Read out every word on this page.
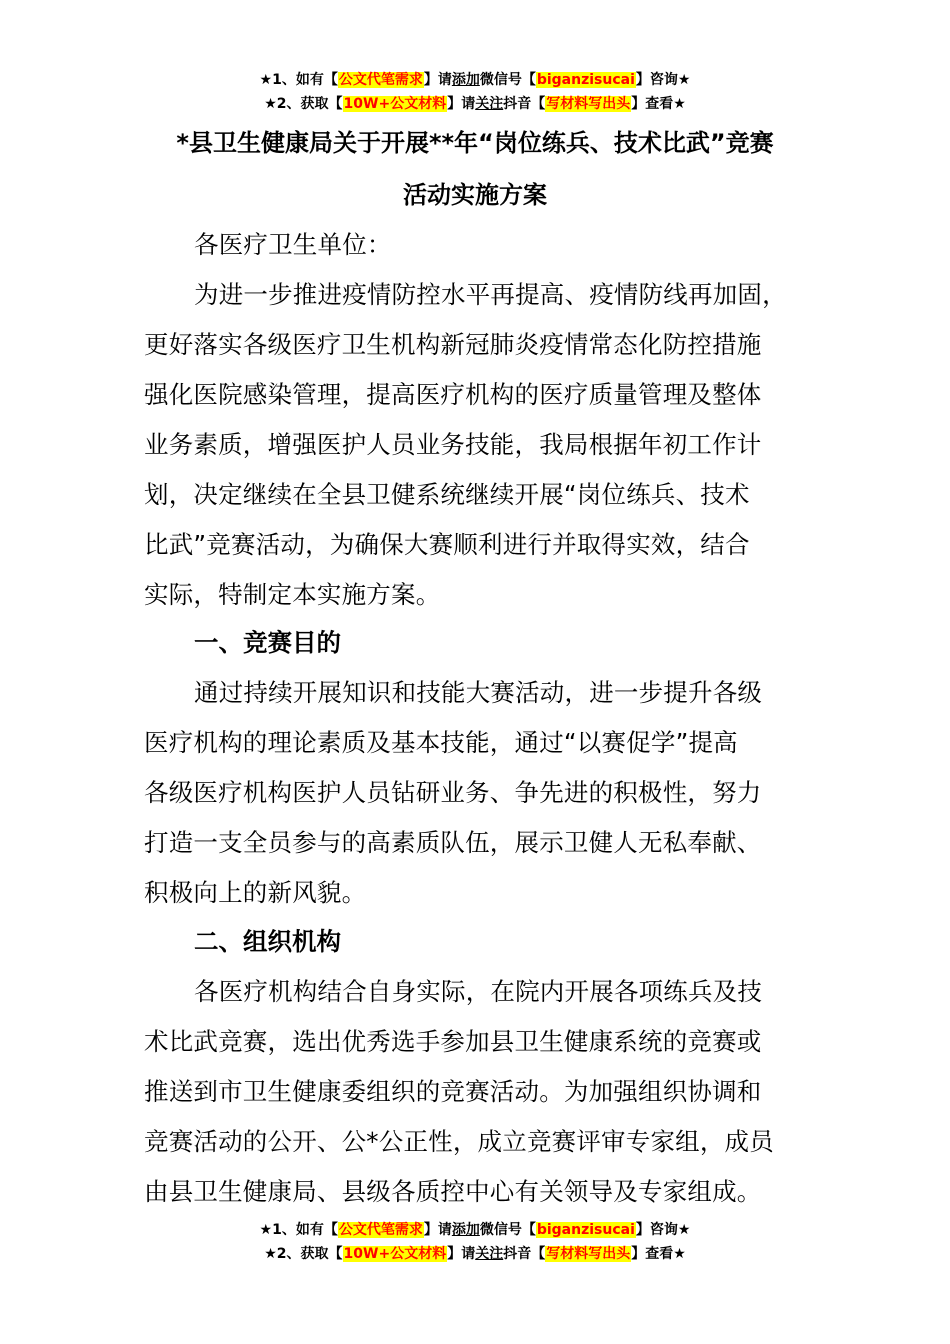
★1、如有【公文代笔需求】请添加微信号【biganzisucai】咨询★
★2、获取【10W+公文材料】请关注抖音【写材料写出头】查看★
*县卫生健康局关于开展**年“岗位练兵、技术比武”竞赛
活动实施方案
各医疗卫生单位：
为进一步推进疫情防控水平再提高、疫情防线再加固，
更好落实各级医疗卫生机构新冠肺炎疫情常态化防控措施
强化医院感染管理，提高医疗机构的医疗质量管理及整体
业务素质，增强医护人员业务技能，我局根据年初工作计
划，决定继续在全县卫健系统继续开展“岗位练兵、技术
比武”竞赛活动，为确保大赛顺利进行并取得实效，结合
实际，特制定本实施方案。
一、竞赛目的
通过持续开展知识和技能大赛活动，进一步提升各级
医疗机构的理论素质及基本技能，通过“以赛促学”提高
各级医疗机构医护人员钻研业务、争先进的积极性，努力
打造一支全员参与的高素质队伍，展示卫健人无私奉献、
积极向上的新风貌。
二、组织机构
各医疗机构结合自身实际，在院内开展各项练兵及技
术比武竞赛，选出优秀选手参加县卫生健康系统的竞赛或
推送到市卫生健康委组织的竞赛活动。为加强组织协调和
竞赛活动的公开、公*公正性，成立竞赛评审专家组，成员
由县卫生健康局、县级各质控中心有关领导及专家组成。
★1、如有【公文代笔需求】请添加微信号【biganzisucai】咨询★
★2、获取【10W+公文材料】请关注抖音【写材料写出头】查看★
